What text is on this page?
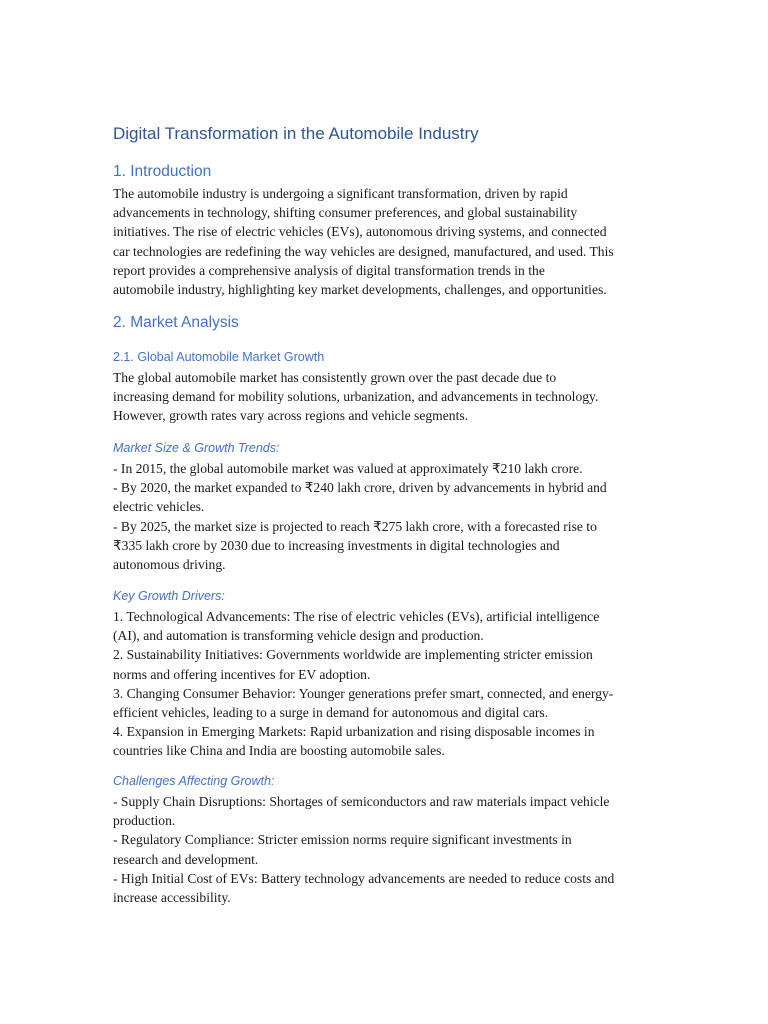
Digital Transformation in the Automobile Industry
1. Introduction
The automobile industry is undergoing a significant transformation, driven by rapid
advancements in technology, shifting consumer preferences, and global sustainability
initiatives. The rise of electric vehicles (EVs), autonomous driving systems, and connected
car technologies are redefining the way vehicles are designed, manufactured, and used. This
report provides a comprehensive analysis of digital transformation trends in the
automobile industry, highlighting key market developments, challenges, and opportunities.
2. Market Analysis
2.1. Global Automobile Market Growth
The global automobile market has consistently grown over the past decade due to
increasing demand for mobility solutions, urbanization, and advancements in technology.
However, growth rates vary across regions and vehicle segments.
Market Size & Growth Trends:
- In 2015, the global automobile market was valued at approximately ₹210 lakh crore.
- By 2020, the market expanded to ₹240 lakh crore, driven by advancements in hybrid and
electric vehicles.
- By 2025, the market size is projected to reach ₹275 lakh crore, with a forecasted rise to
₹335 lakh crore by 2030 due to increasing investments in digital technologies and
autonomous driving.
Key Growth Drivers:
1. Technological Advancements: The rise of electric vehicles (EVs), artificial intelligence
(AI), and automation is transforming vehicle design and production.
2. Sustainability Initiatives: Governments worldwide are implementing stricter emission
norms and offering incentives for EV adoption.
3. Changing Consumer Behavior: Younger generations prefer smart, connected, and energy-
efficient vehicles, leading to a surge in demand for autonomous and digital cars.
4. Expansion in Emerging Markets: Rapid urbanization and rising disposable incomes in
countries like China and India are boosting automobile sales.
Challenges Affecting Growth:
- Supply Chain Disruptions: Shortages of semiconductors and raw materials impact vehicle
production.
- Regulatory Compliance: Stricter emission norms require significant investments in
research and development.
- High Initial Cost of EVs: Battery technology advancements are needed to reduce costs and
increase accessibility.
